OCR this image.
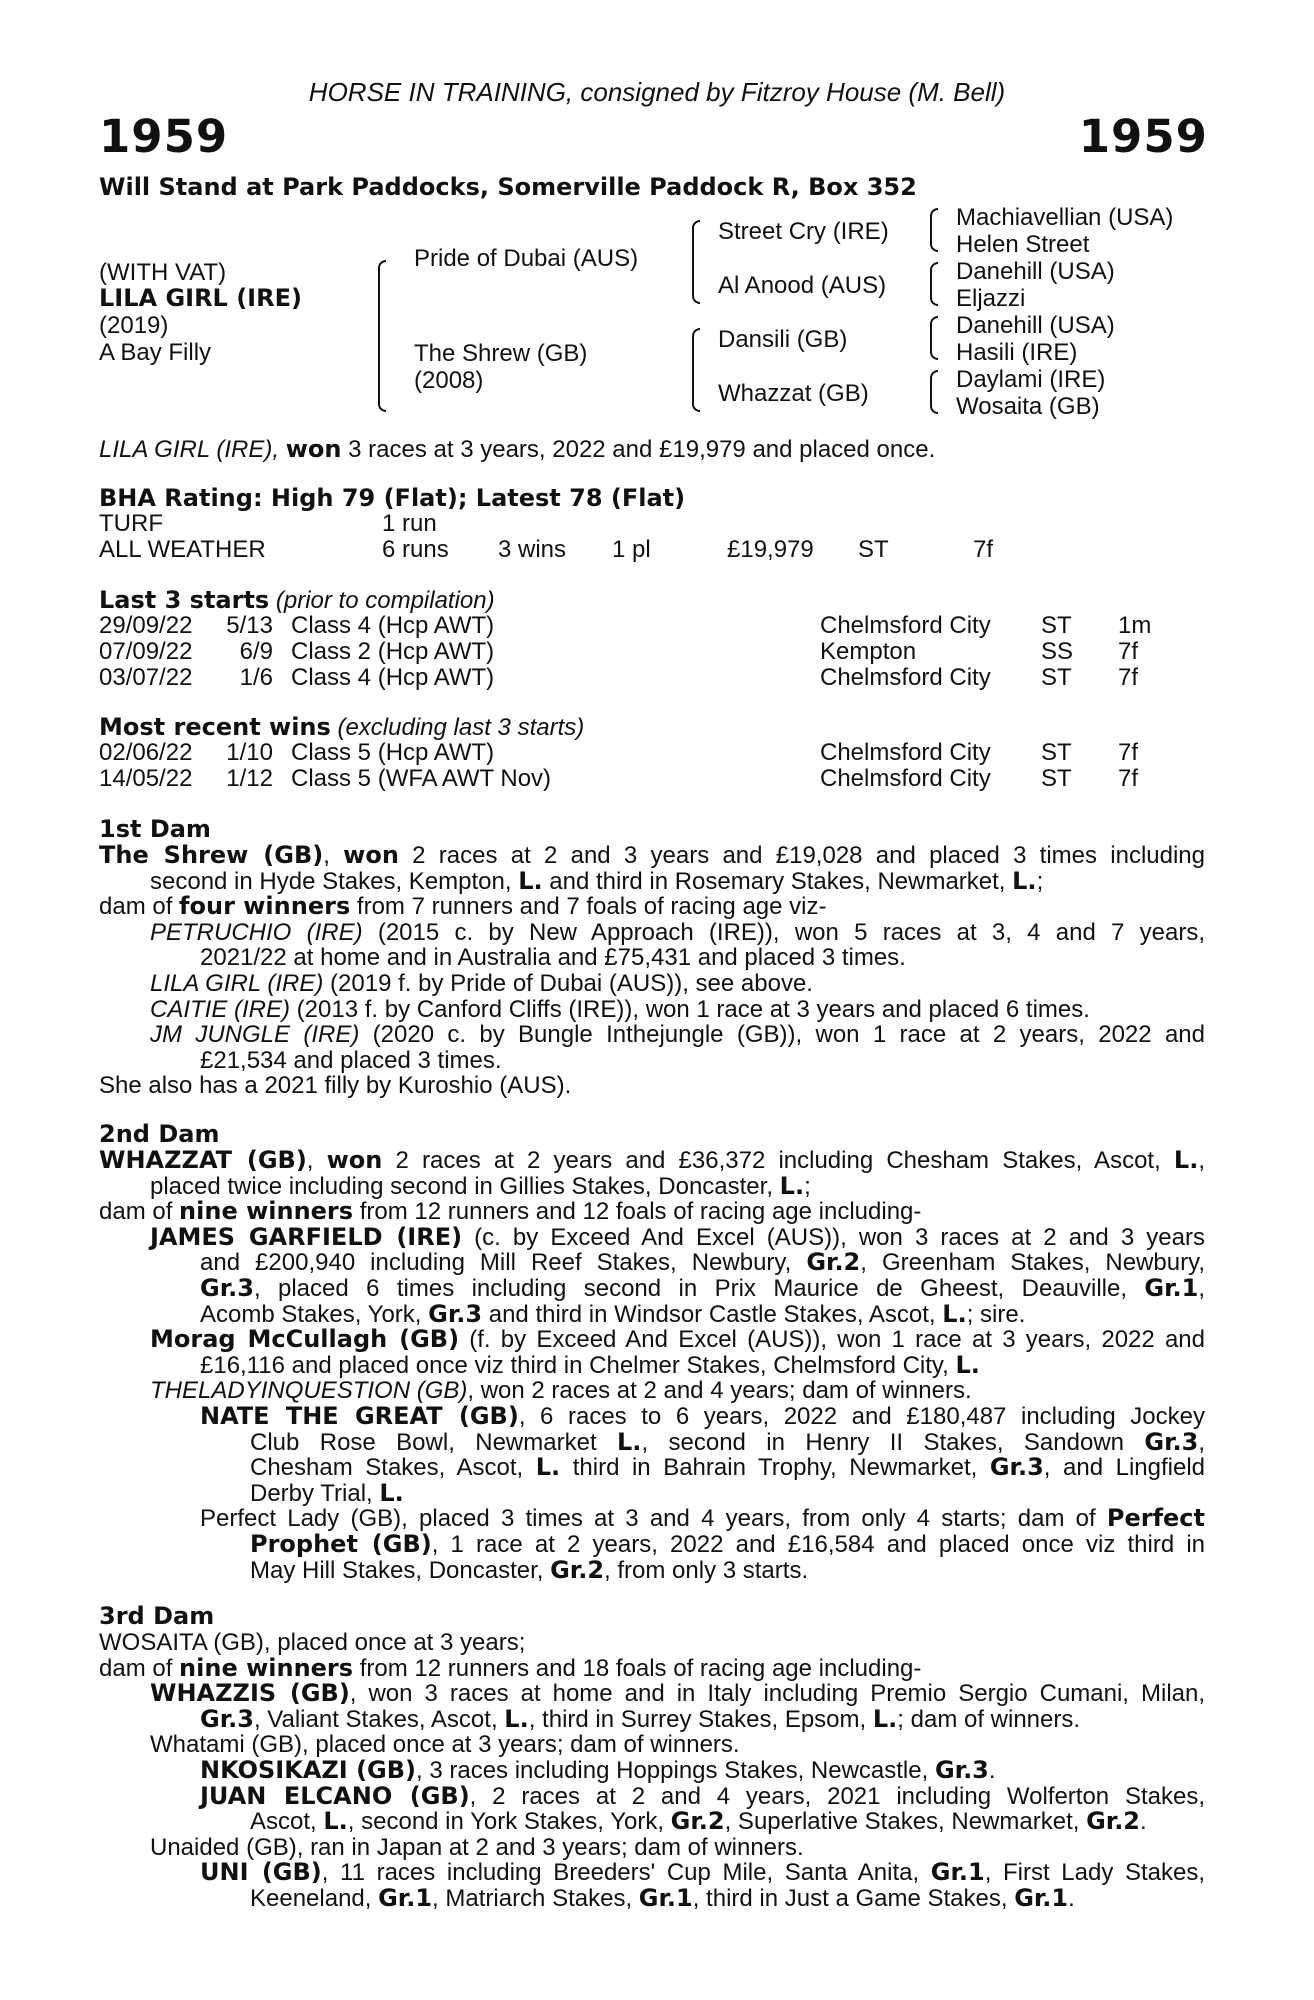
HORSE IN TRAINING, consigned by Fitzroy House (M. Bell)
1959	1959
Will Stand at Park Paddocks, Somerville Paddock R, Box 352
(WITH VAT)
LILA GIRL (IRE)
(2019)
A Bay Filly
Pride of Dubai (AUS)
The Shrew (GB)
(2008)
Street Cry (IRE)
Al Anood (AUS)
Dansili (GB)
Whazzat (GB)
Machiavellian (USA)
Helen Street
Danehill (USA)
Eljazzi
Danehill (USA)
Hasili (IRE)
Daylami (IRE)
Wosaita (GB)
LILA GIRL (IRE), won 3 races at 3 years, 2022 and £19,979 and placed once.
BHA Rating: High 79 (Flat); Latest 78 (Flat)
TURF	1 run
ALL WEATHER	6 runs 3 wins 1 pl	£19,979 ST	7f
Last 3 starts (prior to compilation)
29/09/22	5/13 Class 4 (Hcp AWT)	Chelmsford City ST 1m
07/09/22	6/9 Class 2 (Hcp AWT)	Kempton	SS 7f
03/07/22	1/6 Class 4 (Hcp AWT)	Chelmsford City ST 7f
Most recent wins (excluding last 3 starts)
02/06/22	1/10 Class 5 (Hcp AWT)	Chelmsford City ST 7f
14/05/22	1/12 Class 5 (WFA AWT Nov)	Chelmsford City ST 7f
1st Dam
The Shrew (GB), won 2 races at 2 and 3 years and £19,028 and placed 3 times including
second in Hyde Stakes, Kempton, L. and third in Rosemary Stakes, Newmarket, L.;
dam of four winners from 7 runners and 7 foals of racing age viz-
PETRUCHIO (IRE) (2015 c. by New Approach (IRE)), won 5 races at 3, 4 and 7 years,
2021/22 at home and in Australia and £75,431 and placed 3 times.
LILA GIRL (IRE) (2019 f. by Pride of Dubai (AUS)), see above.
CAITIE (IRE) (2013 f. by Canford Cliffs (IRE)), won 1 race at 3 years and placed 6 times.
JM JUNGLE (IRE) (2020 c. by Bungle Inthejungle (GB)), won 1 race at 2 years, 2022 and
£21,534 and placed 3 times.
She also has a 2021 filly by Kuroshio (AUS).
2nd Dam
WHAZZAT (GB), won 2 races at 2 years and £36,372 including Chesham Stakes, Ascot, L.,
placed twice including second in Gillies Stakes, Doncaster, L.;
dam of nine winners from 12 runners and 12 foals of racing age including-
JAMES GARFIELD (IRE) (c. by Exceed And Excel (AUS)), won 3 races at 2 and 3 years
and £200,940 including Mill Reef Stakes, Newbury, Gr.2, Greenham Stakes, Newbury,
Gr.3, placed 6 times including second in Prix Maurice de Gheest, Deauville, Gr.1,
Acomb Stakes, York, Gr.3 and third in Windsor Castle Stakes, Ascot, L.; sire.
Morag McCullagh (GB) (f. by Exceed And Excel (AUS)), won 1 race at 3 years, 2022 and
£16,116 and placed once viz third in Chelmer Stakes, Chelmsford City, L.
THELADYINQUESTION (GB), won 2 races at 2 and 4 years; dam of winners.
NATE THE GREAT (GB), 6 races to 6 years, 2022 and £180,487 including Jockey
Club Rose Bowl, Newmarket L., second in Henry II Stakes, Sandown Gr.3,
Chesham Stakes, Ascot, L. third in Bahrain Trophy, Newmarket, Gr.3, and Lingfield
Derby Trial, L.
Perfect Lady (GB), placed 3 times at 3 and 4 years, from only 4 starts; dam of Perfect
Prophet (GB), 1 race at 2 years, 2022 and £16,584 and placed once viz third in
May Hill Stakes, Doncaster, Gr.2, from only 3 starts.
3rd Dam
WOSAITA (GB), placed once at 3 years;
dam of nine winners from 12 runners and 18 foals of racing age including-
WHAZZIS (GB), won 3 races at home and in Italy including Premio Sergio Cumani, Milan,
Gr.3, Valiant Stakes, Ascot, L., third in Surrey Stakes, Epsom, L.; dam of winners.
Whatami (GB), placed once at 3 years; dam of winners.
NKOSIKAZI (GB), 3 races including Hoppings Stakes, Newcastle, Gr.3.
JUAN ELCANO (GB), 2 races at 2 and 4 years, 2021 including Wolferton Stakes,
Ascot, L., second in York Stakes, York, Gr.2, Superlative Stakes, Newmarket, Gr.2.
Unaided (GB), ran in Japan at 2 and 3 years; dam of winners.
UNI (GB), 11 races including Breeders' Cup Mile, Santa Anita, Gr.1, First Lady Stakes,
Keeneland, Gr.1, Matriarch Stakes, Gr.1, third in Just a Game Stakes, Gr.1.
